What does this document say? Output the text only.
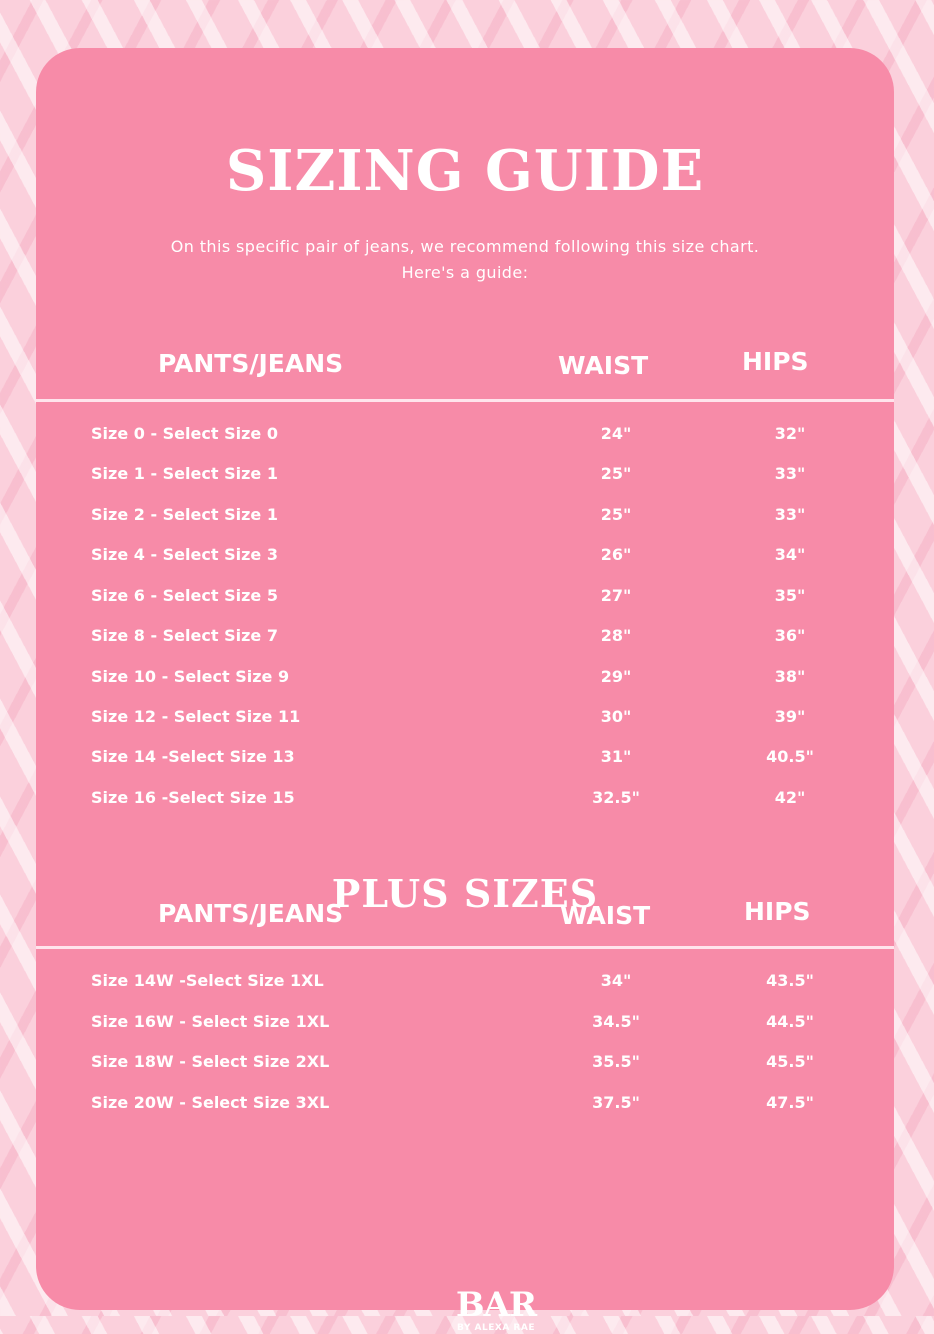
SIZING GUIDE

On this specific pair of jeans, we recommend following this size chart.
Here's a guide:

PANTS/JEANS	WAIST	HIPS
Size 0 - Select Size 0	24"	32"
Size 1 - Select Size 1	25"	33"
Size 2 - Select Size 1	25"	33"
Size 4 - Select Size 3	26"	34"
Size 6 - Select Size 5	27"	35"
Size 8 - Select Size 7	28"	36"
Size 10 - Select Size 9	29"	38"
Size 12 - Select Size 11	30"	39"
Size 14 -Select Size 13	31"	40.5"
Size 16 -Select Size 15	32.5"	42"
PLUS SIZES
PANTS/JEANS	WAIST	HIPS
Size 14W -Select Size 1XL	34"	43.5"
Size 16W - Select Size 1XL	34.5"	44.5"
Size 18W - Select Size 2XL	35.5"	45.5"
Size 20W - Select Size 3XL	37.5"	47.5"
BAR
BY ALEXA RAE
